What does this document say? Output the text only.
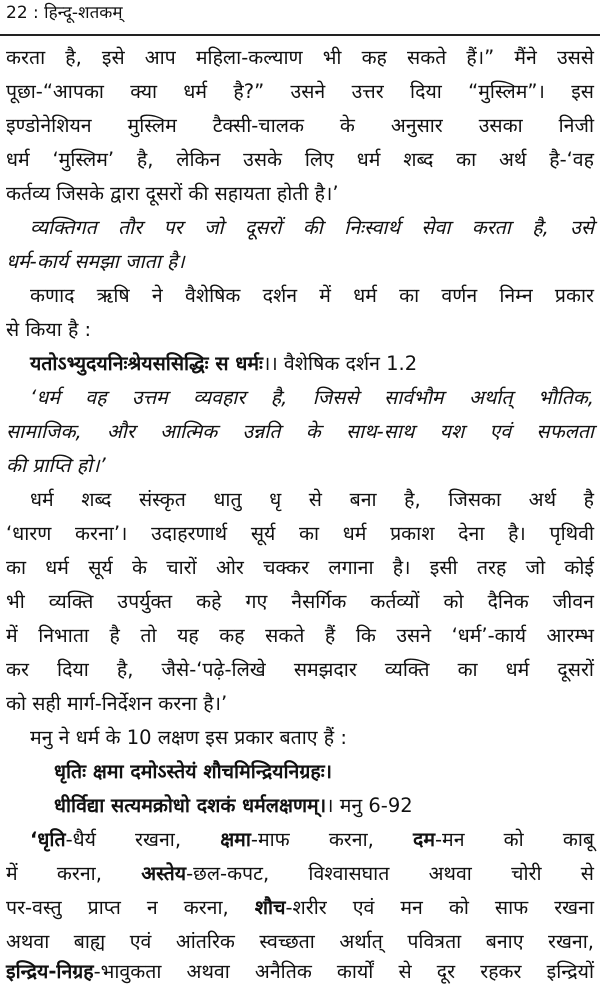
22 : हिन्दू-शतकम्
करता है, इसे आप महिला-कल्याण भी कह सकते हैं।” मैंने उससे
पूछा-“आपका क्या धर्म है?” उसने उत्तर दिया “मुस्लिम”। इस
इण्डोनेशियन मुस्लिम टैक्सी-चालक के अनुसार उसका निजी
धर्म ‘मुस्लिम’ है, लेकिन उसके लिए धर्म शब्द का अर्थ है-‘वह
कर्तव्य जिसके द्वारा दूसरों की सहायता होती है।’
व्यक्तिगत तौर पर जो दूसरों की निःस्वार्थ सेवा करता है, उसे
धर्म-कार्य समझा जाता है।
कणाद ऋषि ने वैशेषिक दर्शन में धर्म का वर्णन निम्न प्रकार
से किया है :
यतोऽभ्युदयनिःश्रेयससिद्धिः स धर्मः।। वैशेषिक दर्शन 1.2
‘धर्म वह उत्तम व्यवहार है, जिससे सार्वभौम अर्थात् भौतिक,
सामाजिक, और आत्मिक उन्नति के साथ-साथ यश एवं सफलता
की प्राप्ति हो।’
धर्म शब्द संस्कृत धातु धृ से बना है, जिसका अर्थ है
‘धारण करना’। उदाहरणार्थ सूर्य का धर्म प्रकाश देना है। पृथिवी
का धर्म सूर्य के चारों ओर चक्कर लगाना है। इसी तरह जो कोई
भी व्यक्ति उपर्युक्त कहे गए नैसर्गिक कर्तव्यों को दैनिक जीवन
में निभाता है तो यह कह सकते हैं कि उसने ‘धर्म’-कार्य आरम्भ
कर दिया है, जैसे-‘पढ़े-लिखे समझदार व्यक्ति का धर्म दूसरों
को सही मार्ग-निर्देशन करना है।’
मनु ने धर्म के 10 लक्षण इस प्रकार बताए हैं :
धृतिः क्षमा दमोऽस्तेयं शौचमिन्द्रियनिग्रहः।
धीर्विद्या सत्यमक्रोधो दशकं धर्मलक्षणम्।। मनु 6-92
‘धृति-धैर्य रखना, क्षमा-माफ करना, दम-मन को काबू
में करना, अस्तेय-छल-कपट, विश्वासघात अथवा चोरी से
पर-वस्तु प्राप्त न करना, शौच-शरीर एवं मन को साफ रखना
अथवा बाह्य एवं आंतरिक स्वच्छता अर्थात् पवित्रता बनाए रखना,
इन्द्रिय-निग्रह-भावुकता अथवा अनैतिक कार्यों से दूर रहकर इन्द्रियों
